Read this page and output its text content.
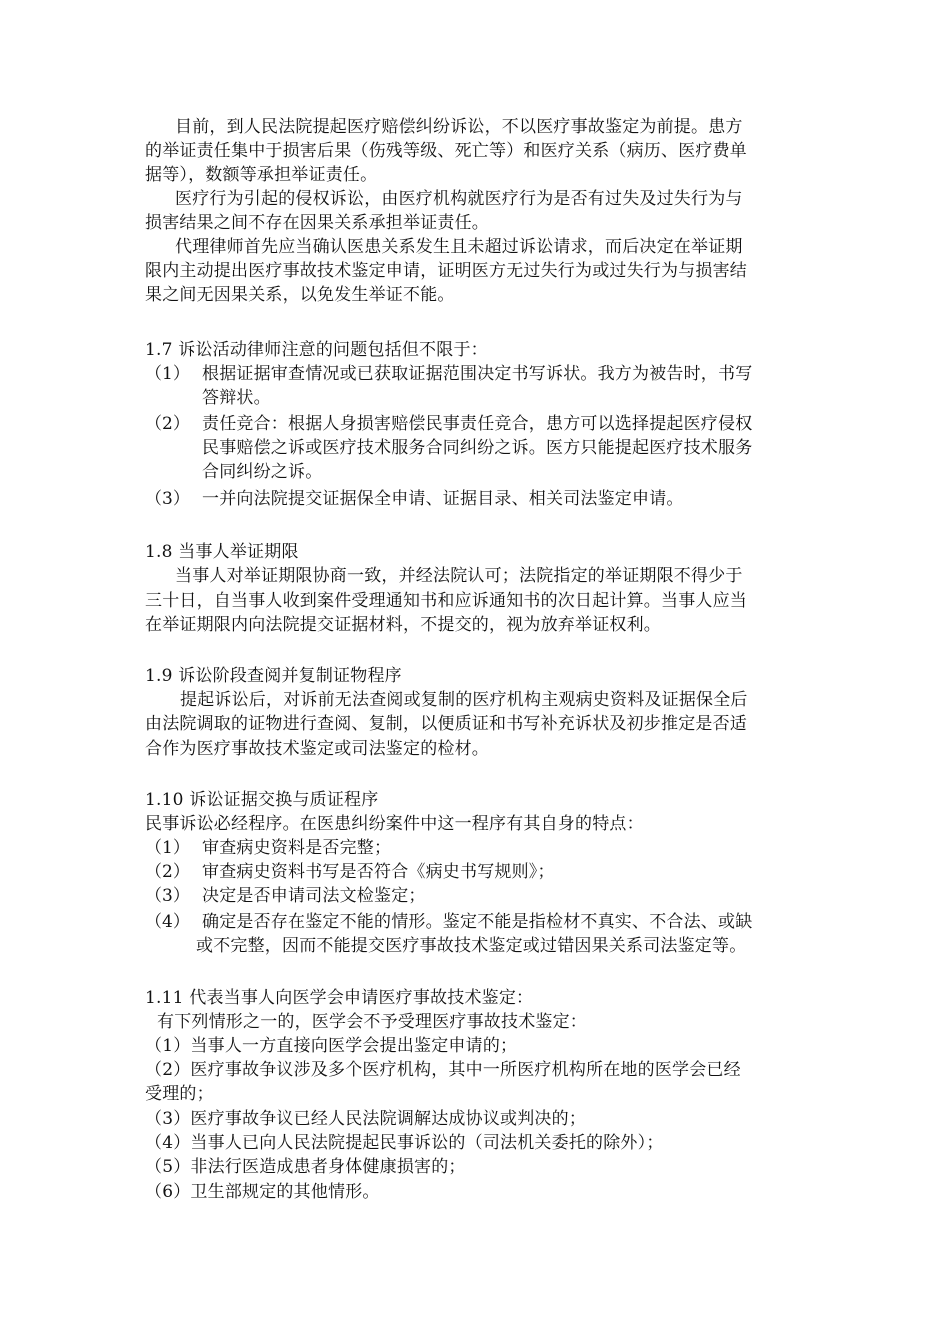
目前，到人民法院提起医疗赔偿纠纷诉讼，不以医疗事故鉴定为前提。患方
的举证责任集中于损害后果（伤残等级、死亡等）和医疗关系（病历、医疗费单
据等），数额等承担举证责任。
医疗行为引起的侵权诉讼，由医疗机构就医疗行为是否有过失及过失行为与
损害结果之间不存在因果关系承担举证责任。
代理律师首先应当确认医患关系发生且未超过诉讼请求，而后决定在举证期
限内主动提出医疗事故技术鉴定申请，证明医方无过失行为或过失行为与损害结
果之间无因果关系，以免发生举证不能。
1.7 诉讼活动律师注意的问题包括但不限于：
（1） 根据证据审查情况或已获取证据范围决定书写诉状。我方为被告时，书写
答辩状。
（2） 责任竞合：根据人身损害赔偿民事责任竞合，患方可以选择提起医疗侵权
民事赔偿之诉或医疗技术服务合同纠纷之诉。医方只能提起医疗技术服务
合同纠纷之诉。
（3） 一并向法院提交证据保全申请、证据目录、相关司法鉴定申请。
1.8 当事人举证期限
当事人对举证期限协商一致，并经法院认可；法院指定的举证期限不得少于
三十日，自当事人收到案件受理通知书和应诉通知书的次日起计算。当事人应当
在举证期限内向法院提交证据材料，不提交的，视为放弃举证权利。
1.9 诉讼阶段查阅并复制证物程序
提起诉讼后，对诉前无法查阅或复制的医疗机构主观病史资料及证据保全后
由法院调取的证物进行查阅、复制，以便质证和书写补充诉状及初步推定是否适
合作为医疗事故技术鉴定或司法鉴定的检材。
1.10 诉讼证据交换与质证程序
民事诉讼必经程序。在医患纠纷案件中这一程序有其自身的特点：
（1） 审查病史资料是否完整；
（2） 审查病史资料书写是否符合《病史书写规则》；
（3） 决定是否申请司法文检鉴定；
（4） 确定是否存在鉴定不能的情形。鉴定不能是指检材不真实、不合法、或缺
或不完整，因而不能提交医疗事故技术鉴定或过错因果关系司法鉴定等。
1.11 代表当事人向医学会申请医疗事故技术鉴定：
有下列情形之一的，医学会不予受理医疗事故技术鉴定：
（1）当事人一方直接向医学会提出鉴定申请的；
（2）医疗事故争议涉及多个医疗机构，其中一所医疗机构所在地的医学会已经
受理的；
（3）医疗事故争议已经人民法院调解达成协议或判决的；
（4）当事人已向人民法院提起民事诉讼的（司法机关委托的除外）；
（5）非法行医造成患者身体健康损害的；
（6）卫生部规定的其他情形。
